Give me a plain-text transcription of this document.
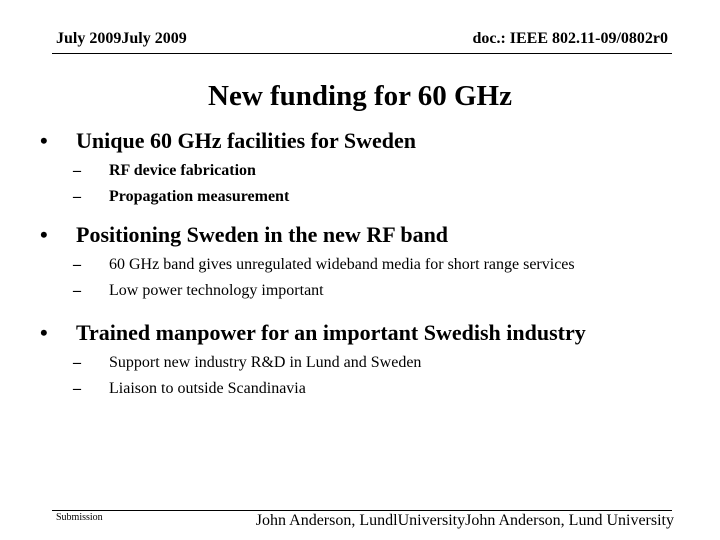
July 2009July 2009	doc.: IEEE 802.11-09/0802r0
New funding for 60 GHz
•	Unique 60 GHz facilities for Sweden
–	RF device fabrication
–	Propagation measurement
•	Positioning Sweden in the new RF band
–	60 GHz band gives unregulated wideband media for short range services
–	Low power technology important
•	Trained manpower for an important Swedish industry
–	Support new industry R&D in Lund and Sweden
–	Liaison to outside Scandinavia
Submission	John Anderson, LundlUniversityJohn Anderson, Lund University
